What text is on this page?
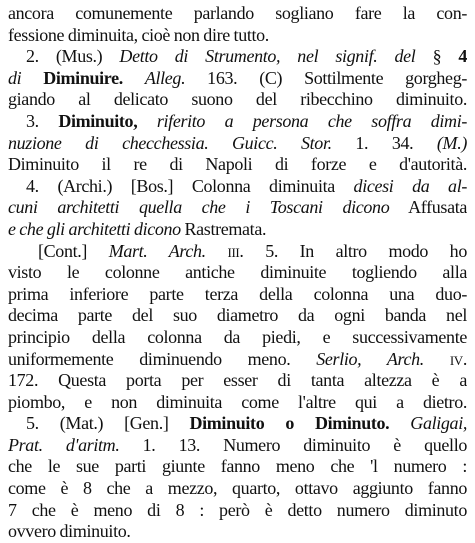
ancora comunemente parlando sogliano fare la con-
fessione diminuita, cioè non dire tutto.
2. (Mus.) Detto di Strumento, nel signif. del § 4
di Diminuire. Alleg. 163. (C) Sottilmente gorgheg-
giando al delicato suono del ribecchino diminuito.
3. Diminuito, riferito a persona che soffra dimi-
nuzione di checchessia. Guicc. Stor. 1. 34. (M.)
Diminuito il re di Napoli di forze e d'autorità.
4. (Archi.) [Bos.] Colonna diminuita dicesi da al-
cuni architetti quella che i Toscani dicono Affusata
e che gli architetti dicono Rastremata.
[Cont.] Mart. Arch. iii. 5. In altro modo ho
visto le colonne antiche diminuite togliendo alla
prima inferiore parte terza della colonna una duo-
decima parte del suo diametro da ogni banda nel
principio della colonna da piedi, e successivamente
uniformemente diminuendo meno. Serlio, Arch. iv.
172. Questa porta per esser di tanta altezza è a
piombo, e non diminuita come l'altre qui a dietro.
5. (Mat.) [Gen.] Diminuito o Diminuto. Galigai,
Prat. d'aritm. 1. 13. Numero diminuito è quello
che le sue parti giunte fanno meno che 'l numero :
come è 8 che a mezzo, quarto, ottavo aggiunto fanno
7 che è meno di 8 : però è detto numero diminuto
ovvero diminuito.
